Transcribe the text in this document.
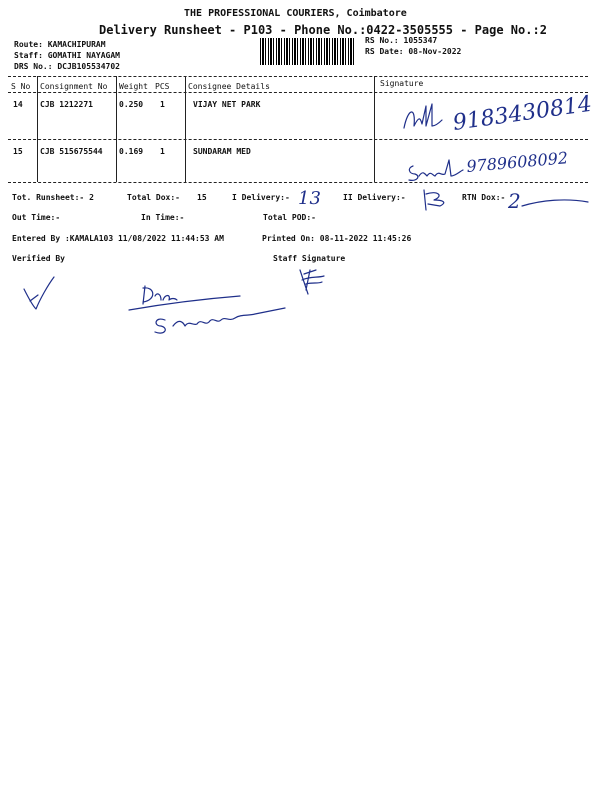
THE PROFESSIONAL COURIERS, Coimbatore
Delivery Runsheet - P103 - Phone No.:0422-3505555 - Page No.:2
Route: KAMACHIPURAM
Staff: GOMATHI NAYAGAM
DRS No.: DCJB105534702
RS No.: 1055347
RS Date: 08-Nov-2022
S No Consignment No Weight PCS Consignee Details	Signature
14 CJB 1212271	0.250 1	VIJAY NET PARK	9183430814
15 CJB 515675544 0.169 1	SUNDARAM MED	9789608092
Tot. Runsheet:- 2	Total Dox:- 15	I Delivery:- 13	II Delivery:-	RTN Dox:- 2
Out Time:-	In Time:-	Total POD:-
Entered By :KAMALA103 11/08/2022 11:44:53 AM	Printed On: 08-11-2022 11:45:26
Verified By	Staff Signature
